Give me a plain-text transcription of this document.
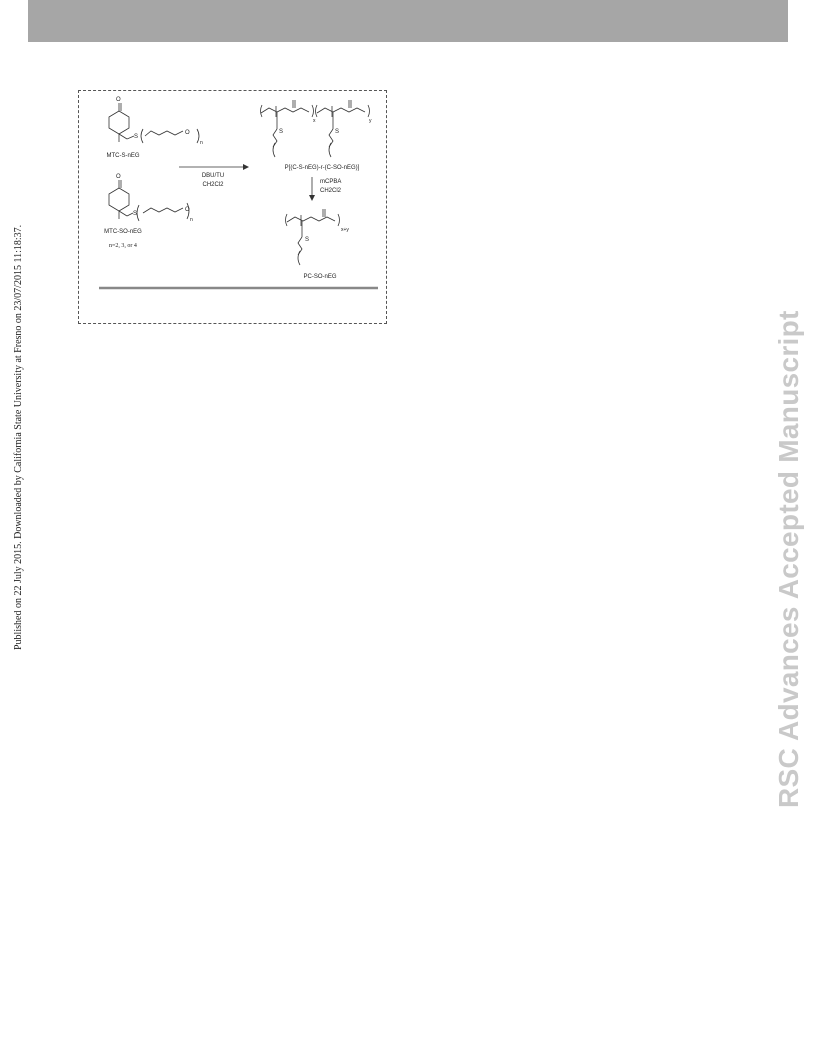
Published on 22 July 2015. Downloaded by California State University at Fresno on 23/07/2015 11:18:37.	RSC Advances Accepted Manuscript
O
S
O
n
MTC-S-nEG
O
S
O
n
MTC-SO-nEG
n=2, 3, or 4
DBU/TU
CH2Cl2
S
x	y
S
P[(C-S-nEG)-r-(C-SO-nEG)]
mCPBA
CH2Cl2
S
x+y
PC-SO-nEG
